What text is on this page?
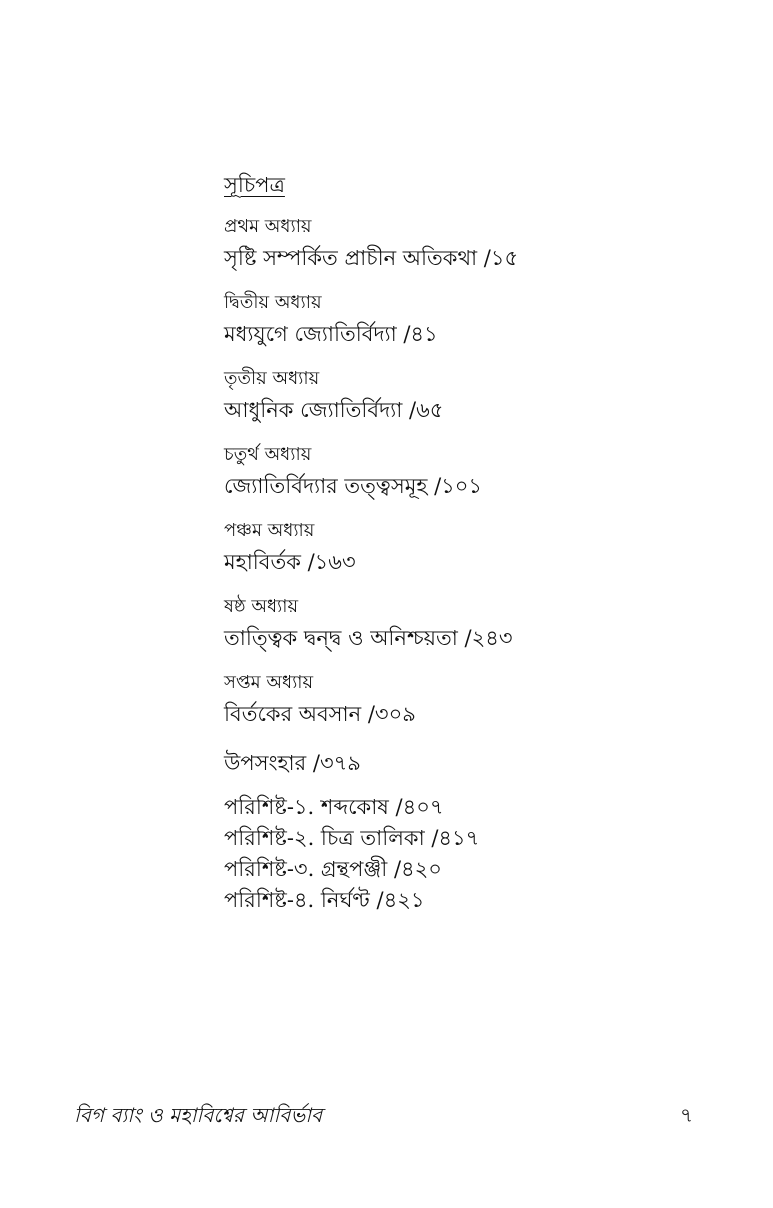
সূচিপত্র
প্রথম অধ্যায়
সৃষ্টি সম্পর্কিত প্রাচীন অতিকথা /১৫
দ্বিতীয় অধ্যায়
মধ্যযুগে জ্যোতির্বিদ্যা /৪১
তৃতীয় অধ্যায়
আধুনিক জ্যোতির্বিদ্যা /৬৫
চতুর্থ অধ্যায়
জ্যোতির্বিদ্যার তত্ত্বসমূহ /১০১
পঞ্চম অধ্যায়
মহাবির্তক /১৬৩
ষষ্ঠ অধ্যায়
তাত্ত্বিক দ্বন্দ্ব ও অনিশ্চয়তা /২৪৩
সপ্তম অধ্যায়
বির্তকের অবসান /৩০৯
উপসংহার /৩৭৯
পরিশিষ্ট-১. শব্দকোষ /৪০৭
পরিশিষ্ট-২. চিত্র তালিকা /৪১৭
পরিশিষ্ট-৩. গ্রন্থপঞ্জী /৪২০
পরিশিষ্ট-৪. নির্ঘণ্ট /৪২১
বিগ ব্যাং ও মহাবিশ্বের আবির্ভাব	৭
